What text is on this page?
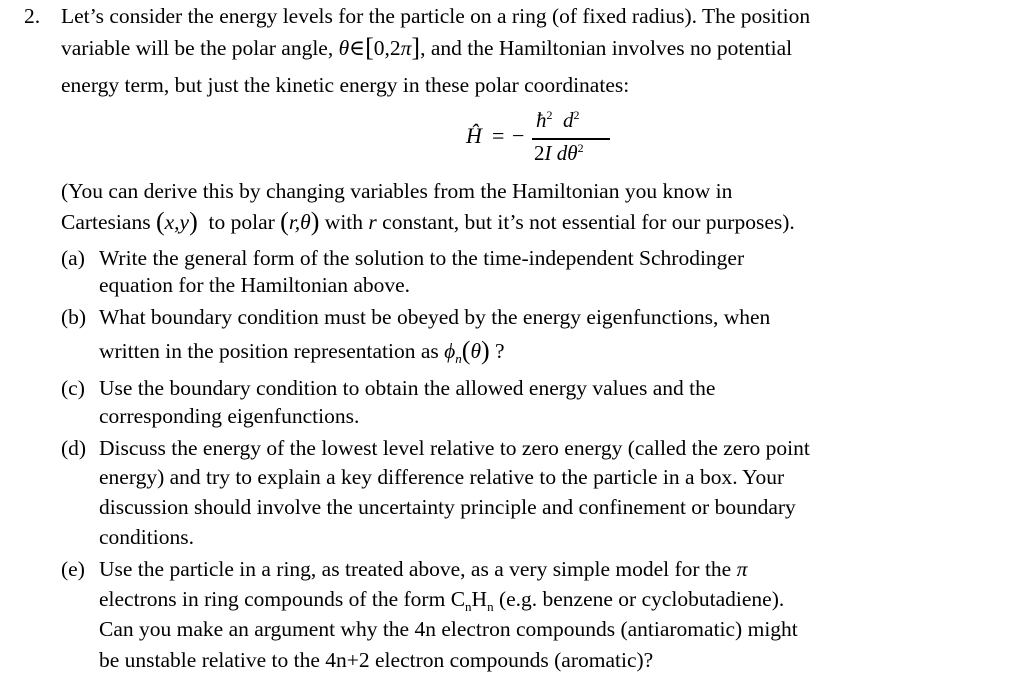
2. Let’s consider the energy levels for the particle on a ring (of fixed radius). The position
variable will be the polar angle, θ∈[0,2π], and the Hamiltonian involves no potential
energy term, but just the kinetic energy in these polar coordinates:
Ĥ = −
$ħ^2$ $d^2$
2I $d\theta^2$
(You can derive this by changing variables from the Hamiltonian you know in
Cartesians (x,y) to polar (r,θ) with r constant, but it’s not essential for our purposes).
(a) Write the general form of the solution to the time-independent Schrodinger
equation for the Hamiltonian above.
(b) What boundary condition must be obeyed by the energy eigenfunctions, when
written in the position representation as $\phi_n(\theta)$ ?
(c) Use the boundary condition to obtain the allowed energy values and the
corresponding eigenfunctions.
(d) Discuss the energy of the lowest level relative to zero energy (called the zero point
energy) and try to explain a key difference relative to the particle in a box. Your
discussion should involve the uncertainty principle and confinement or boundary
conditions.
(e) Use the particle in a ring, as treated above, as a very simple model for the π
electrons in ring compounds of the form $C_nH_n$ (e.g. benzene or cyclobutadiene).
Can you make an argument why the 4n electron compounds (antiaromatic) might
be unstable relative to the 4n+2 electron compounds (aromatic)?
